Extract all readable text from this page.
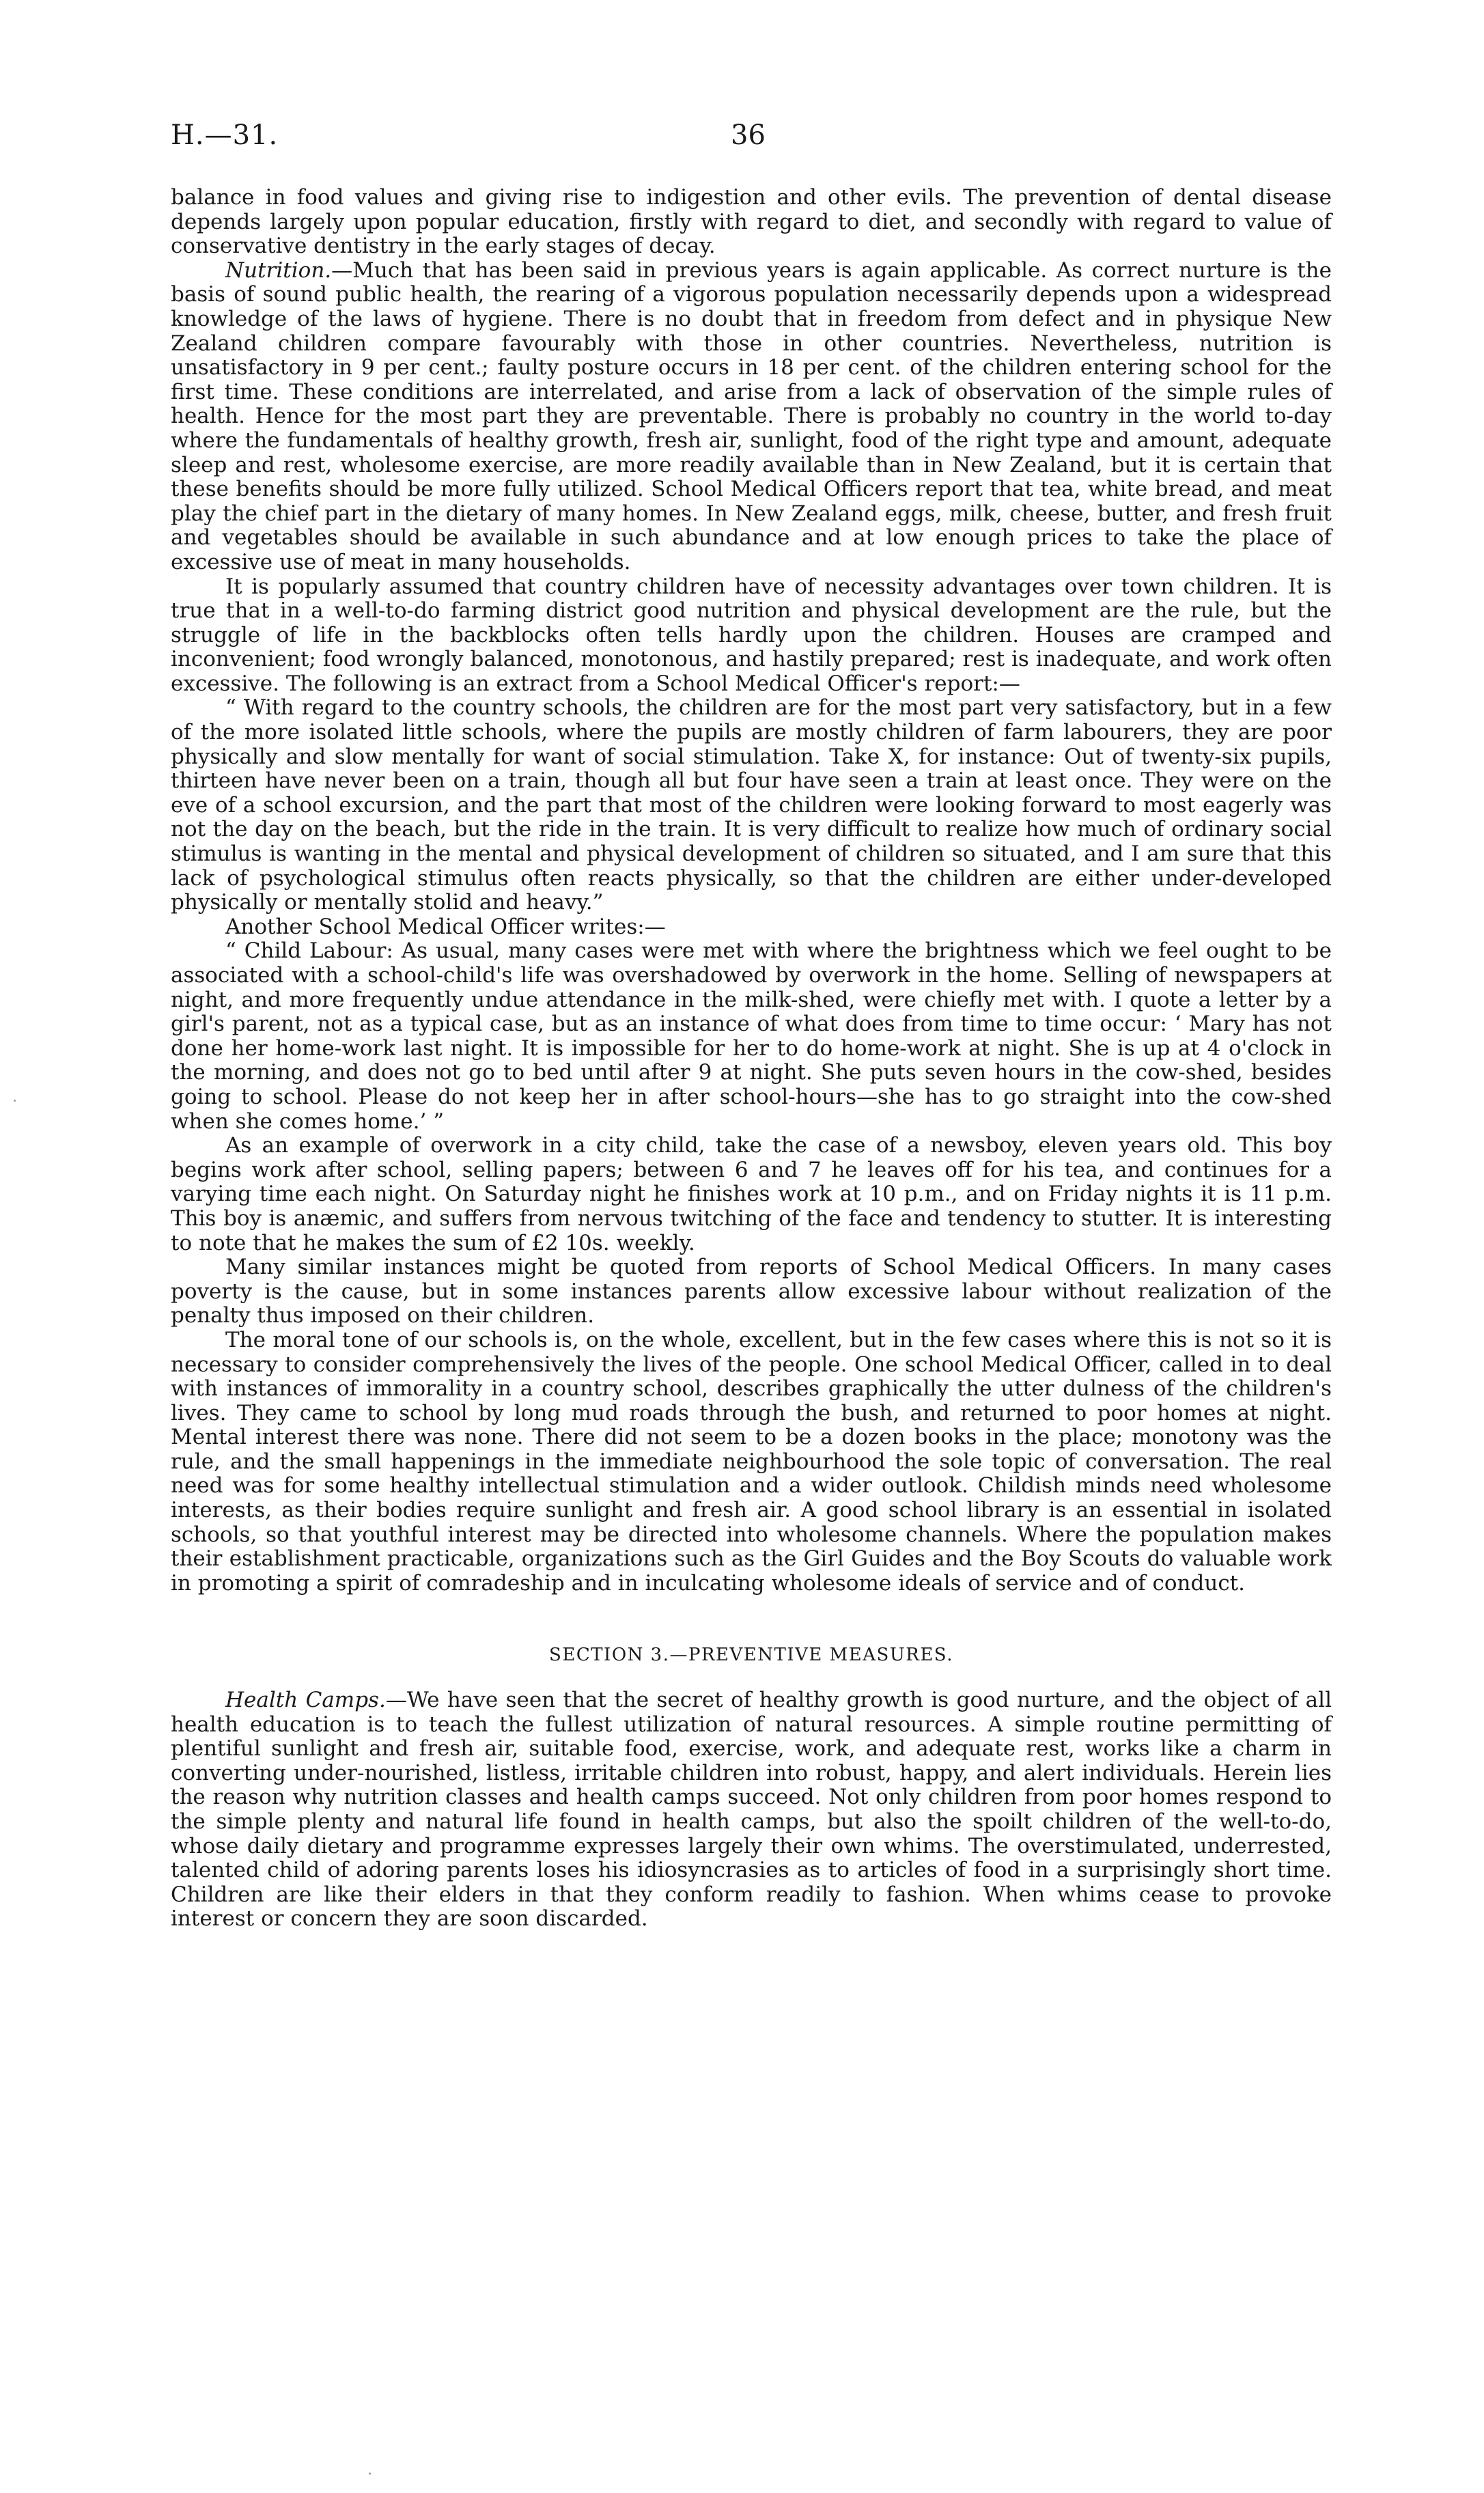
H.—31.	36

balance in food values and giving rise to indigestion and other evils. The prevention of dental disease depends largely upon popular education, firstly with regard to diet, and secondly with regard to value of conservative dentistry in the early stages of decay.

Nutrition.—Much that has been said in previous years is again applicable. As correct nurture is the basis of sound public health, the rearing of a vigorous population necessarily depends upon a widespread knowledge of the laws of hygiene. There is no doubt that in freedom from defect and in physique New Zealand children compare favourably with those in other countries. Nevertheless, nutrition is unsatisfactory in 9 per cent.; faulty posture occurs in 18 per cent. of the children entering school for the first time. These conditions are interrelated, and arise from a lack of observation of the simple rules of health. Hence for the most part they are preventable. There is probably no country in the world to-day where the fundamentals of healthy growth, fresh air, sunlight, food of the right type and amount, adequate sleep and rest, wholesome exercise, are more readily available than in New Zealand, but it is certain that these benefits should be more fully utilized. School Medical Officers report that tea, white bread, and meat play the chief part in the dietary of many homes. In New Zealand eggs, milk, cheese, butter, and fresh fruit and vegetables should be available in such abundance and at low enough prices to take the place of excessive use of meat in many households.

It is popularly assumed that country children have of necessity advantages over town children. It is true that in a well-to-do farming district good nutrition and physical development are the rule, but the struggle of life in the backblocks often tells hardly upon the children. Houses are cramped and inconvenient; food wrongly balanced, monotonous, and hastily prepared; rest is inadequate, and work often excessive. The following is an extract from a School Medical Officer's report:—

“ With regard to the country schools, the children are for the most part very satisfactory, but in a few of the more isolated little schools, where the pupils are mostly children of farm labourers, they are poor physically and slow mentally for want of social stimulation. Take X, for instance: Out of twenty-six pupils, thirteen have never been on a train, though all but four have seen a train at least once. They were on the eve of a school excursion, and the part that most of the children were looking forward to most eagerly was not the day on the beach, but the ride in the train. It is very difficult to realize how much of ordinary social stimulus is wanting in the mental and physical development of children so situated, and I am sure that this lack of psychological stimulus often reacts physically, so that the children are either under-developed physically or mentally stolid and heavy.”

Another School Medical Officer writes:—

“ Child Labour: As usual, many cases were met with where the brightness which we feel ought to be associated with a school-child's life was overshadowed by overwork in the home. Selling of newspapers at night, and more frequently undue attendance in the milk-shed, were chiefly met with. I quote a letter by a girl's parent, not as a typical case, but as an instance of what does from time to time occur: ‘ Mary has not done her home-work last night. It is impossible for her to do home-work at night. She is up at 4 o'clock in the morning, and does not go to bed until after 9 at night. She puts seven hours in the cow-shed, besides going to school. Please do not keep her in after school-hours—she has to go straight into the cow-shed when she comes home.’ ”

As an example of overwork in a city child, take the case of a newsboy, eleven years old. This boy begins work after school, selling papers; between 6 and 7 he leaves off for his tea, and continues for a varying time each night. On Saturday night he finishes work at 10 p.m., and on Friday nights it is 11 p.m. This boy is anæmic, and suffers from nervous twitching of the face and tendency to stutter. It is interesting to note that he makes the sum of £2 10s. weekly.

Many similar instances might be quoted from reports of School Medical Officers. In many cases poverty is the cause, but in some instances parents allow excessive labour without realization of the penalty thus imposed on their children.

The moral tone of our schools is, on the whole, excellent, but in the few cases where this is not so it is necessary to consider comprehensively the lives of the people. One school Medical Officer, called in to deal with instances of immorality in a country school, describes graphically the utter dulness of the children's lives. They came to school by long mud roads through the bush, and returned to poor homes at night. Mental interest there was none. There did not seem to be a dozen books in the place; monotony was the rule, and the small happenings in the immediate neighbourhood the sole topic of conversation. The real need was for some healthy intellectual stimulation and a wider outlook. Childish minds need wholesome interests, as their bodies require sunlight and fresh air. A good school library is an essential in isolated schools, so that youthful interest may be directed into wholesome channels. Where the population makes their establishment practicable, organizations such as the Girl Guides and the Boy Scouts do valuable work in promoting a spirit of comradeship and in inculcating wholesome ideals of service and of conduct.

SECTION 3.—PREVENTIVE MEASURES.

Health Camps.—We have seen that the secret of healthy growth is good nurture, and the object of all health education is to teach the fullest utilization of natural resources. A simple routine permitting of plentiful sunlight and fresh air, suitable food, exercise, work, and adequate rest, works like a charm in converting under-nourished, listless, irritable children into robust, happy, and alert individuals. Herein lies the reason why nutrition classes and health camps succeed. Not only children from poor homes respond to the simple plenty and natural life found in health camps, but also the spoilt children of the well-to-do, whose daily dietary and programme expresses largely their own whims. The overstimulated, underrested, talented child of adoring parents loses his idiosyncrasies as to articles of food in a surprisingly short time. Children are like their elders in that they conform readily to fashion. When whims cease to provoke interest or concern they are soon discarded.
